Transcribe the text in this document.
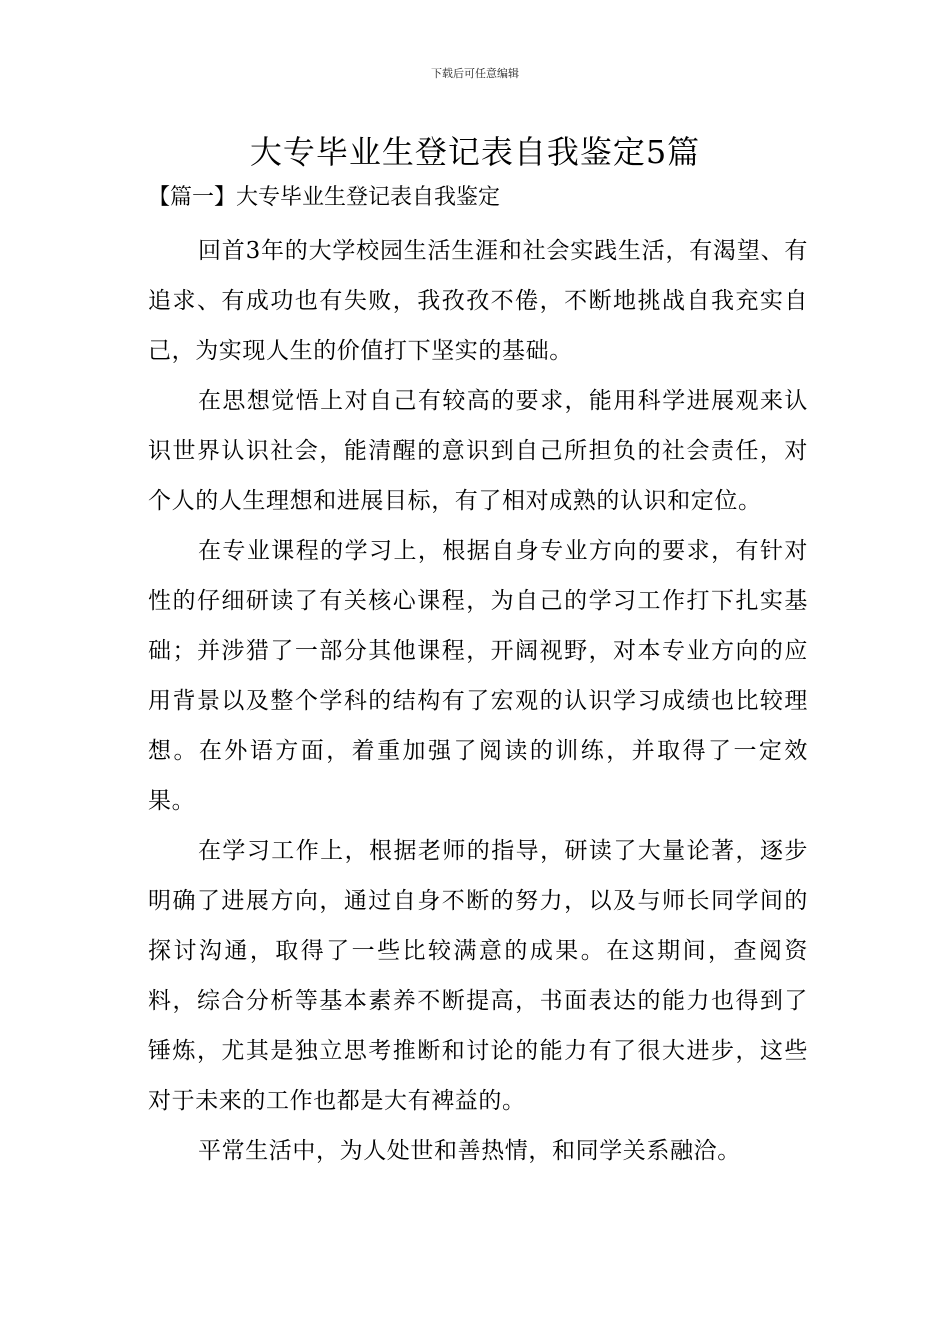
下载后可任意编辑
大专毕业生登记表自我鉴定5篇
【篇一】大专毕业生登记表自我鉴定

回首3年的大学校园生活生涯和社会实践生活，有渴望、有追求、有成功也有失败，我孜孜不倦，不断地挑战自我充实自己，为实现人生的价值打下坚实的基础。

在思想觉悟上对自己有较高的要求，能用科学进展观来认识世界认识社会，能清醒的意识到自己所担负的社会责任，对个人的人生理想和进展目标，有了相对成熟的认识和定位。

在专业课程的学习上，根据自身专业方向的要求，有针对性的仔细研读了有关核心课程，为自己的学习工作打下扎实基础；并涉猎了一部分其他课程，开阔视野，对本专业方向的应用背景以及整个学科的结构有了宏观的认识学习成绩也比较理想。在外语方面，着重加强了阅读的训练，并取得了一定效果。

在学习工作上，根据老师的指导，研读了大量论著，逐步明确了进展方向，通过自身不断的努力，以及与师长同学间的探讨沟通，取得了一些比较满意的成果。在这期间，查阅资料，综合分析等基本素养不断提高，书面表达的能力也得到了锤炼，尤其是独立思考推断和讨论的能力有了很大进步，这些对于未来的工作也都是大有裨益的。

平常生活中，为人处世和善热情，和同学关系融洽。
